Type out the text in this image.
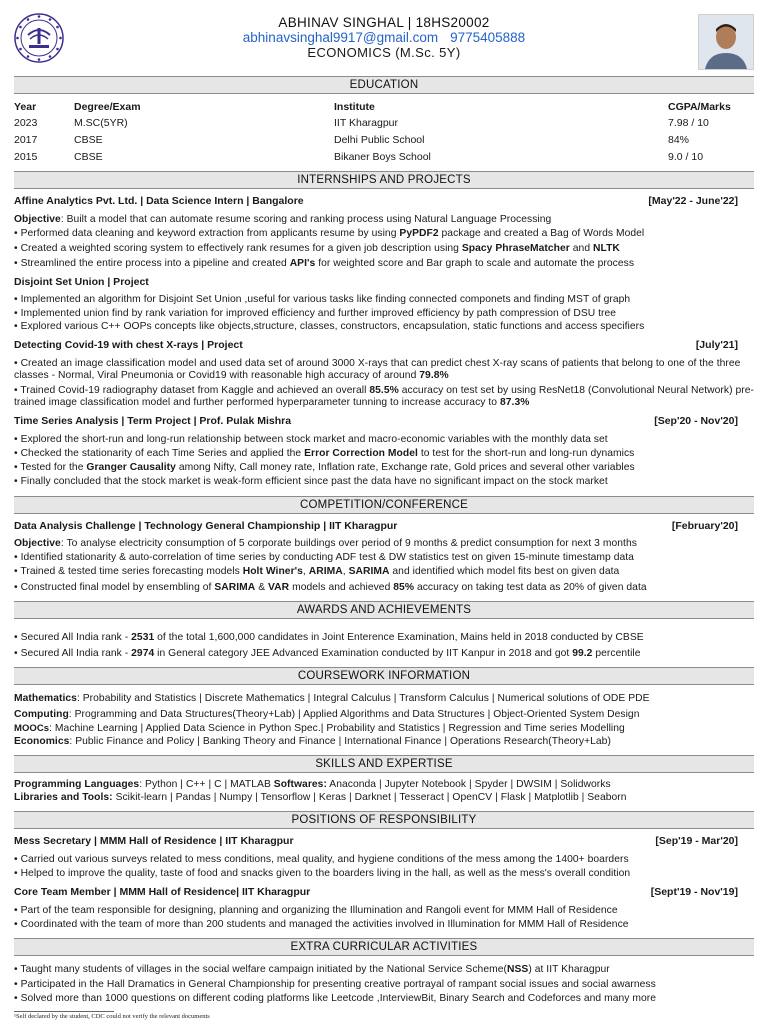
ABHINAV SINGHAL | 18HS20002
abhinavsinghal9917@gmail.com 9775405888
ECONOMICS (M.Sc. 5Y)
EDUCATION
Year	Degree/Exam	Institute	CGPA/Marks
2023	M.SC(5YR)	IIT Kharagpur	7.98 / 10
2017	CBSE	Delhi Public School	84%
2015	CBSE	Bikaner Boys School	9.0 / 10
INTERNSHIPS AND PROJECTS
Affine Analytics Pvt. Ltd. | Data Science Intern | Bangalore	[May'22 - June'22]
Objective: Built a model that can automate resume scoring and ranking process using Natural Language Processing
• Performed data cleaning and keyword extraction from applicants resume by using PyPDF2 package and created a Bag of Words Model
• Created a weighted scoring system to effectively rank resumes for a given job description using Spacy PhraseMatcher and NLTK
• Streamlined the entire process into a pipeline and created API's for weighted score and Bar graph to scale and automate the process
Disjoint Set Union | Project
• Implemented an algorithm for Disjoint Set Union ,useful for various tasks like finding connected componets and finding MST of graph
• Implemented union find by rank variation for improved efficiency and further improved efficiency by path compression of DSU tree
• Explored various C++ OOPs concepts like objects,structure, classes, constructors, encapsulation, static functions and access specifiers
Detecting Covid-19 with chest X-rays | Project	[July'21]
• Created an image classification model and used data set of around 3000 X-rays that can predict chest X-ray scans of patients that belong to one of the three classes - Normal, Viral Pneumonia or Covid19 with reasonable high accuracy of around 79.8%
• Trained Covid-19 radiography dataset from Kaggle and achieved an overall 85.5% accuracy on test set by using ResNet18 (Convolutional Neural Network) pre-trained image classification model and further performed hyperparameter tunning to increase accuracy to 87.3%
Time Series Analysis | Term Project | Prof. Pulak Mishra	[Sep'20 - Nov'20]
• Explored the short-run and long-run relationship between stock market and macro-economic variables with the monthly data set
• Checked the stationarity of each Time Series and applied the Error Correction Model to test for the short-run and long-run dynamics
• Tested for the Granger Causality among Nifty, Call money rate, Inflation rate, Exchange rate, Gold prices and several other variables
• Finally concluded that the stock market is weak-form efficient since past the data have no significant impact on the stock market
COMPETITION/CONFERENCE
Data Analysis Challenge | Technology General Championship | IIT Kharagpur	[February'20]
Objective: To analyse electricity consumption of 5 corporate buildings over period of 9 months & predict consumption for next 3 months
• Identified stationarity & auto-correlation of time series by conducting ADF test & DW statistics test on given 15-minute timestamp data
• Trained & tested time series forecasting models Holt Winer's, ARIMA, SARIMA and identified which model fits best on given data
• Constructed final model by ensembling of SARIMA & VAR models and achieved 85% accuracy on taking test data as 20% of given data
AWARDS AND ACHIEVEMENTS
• Secured All India rank - 2531 of the total 1,600,000 candidates in Joint Enterence Examination, Mains held in 2018 conducted by CBSE
• Secured All India rank - 2974 in General category JEE Advanced Examination conducted by IIT Kanpur in 2018 and got 99.2 percentile
COURSEWORK INFORMATION
Mathematics: Probability and Statistics | Discrete Mathematics | Integral Calculus | Transform Calculus | Numerical solutions of ODE PDE
Computing: Programming and Data Structures(Theory+Lab) | Applied Algorithms and Data Structures | Object-Oriented System Design
MOOCs: Machine Learning | Applied Data Science in Python Spec.| Probability and Statistics | Regression and Time series Modelling
Economics: Public Finance and Policy | Banking Theory and Finance | International Finance | Operations Research(Theory+Lab)
SKILLS AND EXPERTISE
Programming Languages: Python | C++ | C | MATLAB Softwares: Anaconda | Jupyter Notebook | Spyder | DWSIM | Solidworks
Libraries and Tools: Scikit-learn | Pandas | Numpy | Tensorflow | Keras | Darknet | Tesseract | OpenCV | Flask | Matplotlib | Seaborn
POSITIONS OF RESPONSIBILITY
Mess Secretary | MMM Hall of Residence | IIT Kharagpur	[Sep'19 - Mar'20]
• Carried out various surveys related to mess conditions, meal quality, and hygiene conditions of the mess among the 1400+ boarders
• Helped to improve the quality, taste of food and snacks given to the boarders living in the hall, as well as the mess's overall condition
Core Team Member | MMM Hall of Residence| IIT Kharagpur	[Sept'19 - Nov'19]
• Part of the team responsible for designing, planning and organizing the Illumination and Rangoli event for MMM Hall of Residence
• Coordinated with the team of more than 200 students and managed the activities involved in Illumination for MMM Hall of Residence
EXTRA CURRICULAR ACTIVITIES
• Taught many students of villages in the social welfare campaign initiated by the National Service Scheme(NSS) at IIT Kharagpur
• Participated in the Hall Dramatics in General Championship for presenting creative portrayal of rampant social issues and social awarness
• Solved more than 1000 questions on different coding platforms like Leetcode ,InterviewBit, Binary Search and Codeforces and many more
¹Self declared by the student, CDC could not verify the relevant documents
